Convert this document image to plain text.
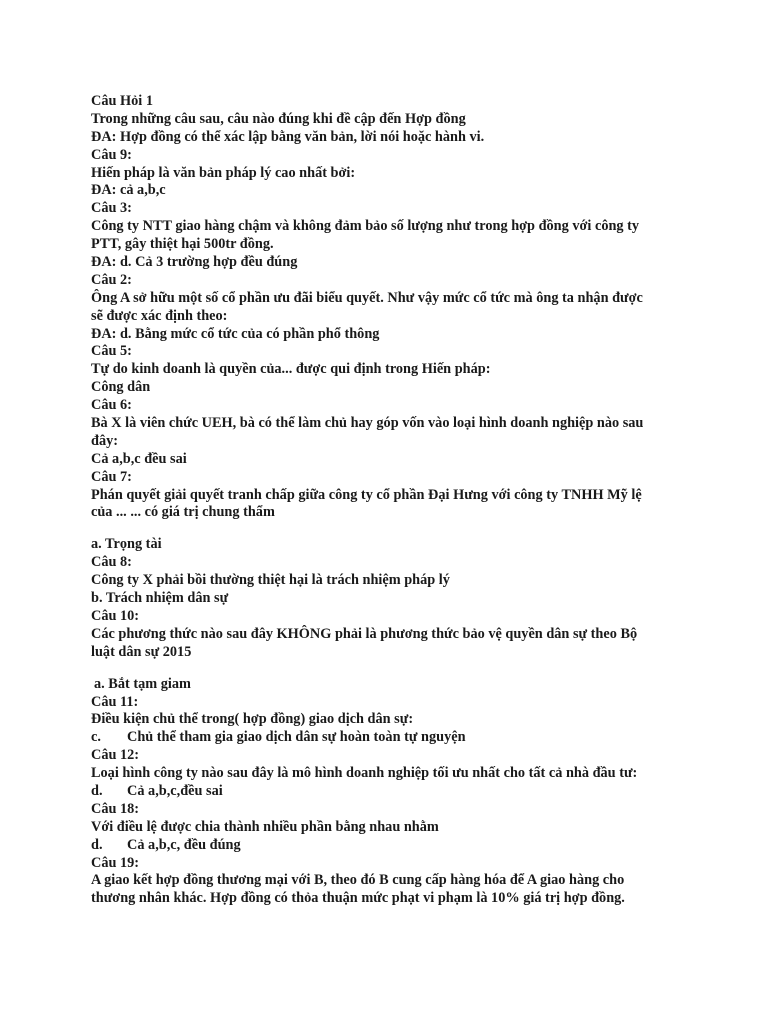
Câu Hỏi 1
Trong những câu sau, câu nào đúng khi đề cập đến Hợp đồng
ĐA: Hợp đồng có thể xác lập bằng văn bản, lời nói hoặc hành vi.
Câu 9:
Hiến pháp là văn bản pháp lý cao nhất bởi:
ĐA: cả a,b,c
Câu 3:
Công ty NTT giao hàng chậm và không đảm bảo số lượng như trong hợp đồng với công ty
PTT, gây thiệt hại 500tr đồng.
ĐA: d. Cả 3 trường hợp đều đúng
Câu 2:
Ông A sở hữu một số cổ phần ưu đãi biểu quyết. Như vậy mức cổ tức mà ông ta nhận được
sẽ được xác định theo:
ĐA: d. Bằng mức cổ tức của có phần phổ thông
Câu 5:
Tự do kinh doanh là quyền của... được qui định trong Hiến pháp:
Công dân
Câu 6:
Bà X là viên chức UEH, bà có thể làm chủ hay góp vốn vào loại hình doanh nghiệp nào sau
đây:
Cả a,b,c đều sai
Câu 7:
Phán quyết giải quyết tranh chấp giữa công ty cổ phần Đại Hưng với công ty TNHH Mỹ lệ
của ... ... có giá trị chung thẩm
a. Trọng tài
Câu 8:
Công ty X phải bồi thường thiệt hại là trách nhiệm pháp lý
b. Trách nhiệm dân sự
Câu 10:
Các phương thức nào sau đây KHÔNG phải là phương thức bảo vệ quyền dân sự theo Bộ
luật dân sự 2015
a. Bắt tạm giam
Câu 11:
Điều kiện chủ thể trong( hợp đồng) giao dịch dân sự:
c. Chủ thể tham gia giao dịch dân sự hoàn toàn tự nguyện
Câu 12:
Loại hình công ty nào sau đây là mô hình doanh nghiệp tối ưu nhất cho tất cả nhà đầu tư:
d. Cả a,b,c,đều sai
Câu 18:
Với điều lệ được chia thành nhiều phần bằng nhau nhằm
d. Cả a,b,c, đều đúng
Câu 19:
A giao kết hợp đồng thương mại với B, theo đó B cung cấp hàng hóa để A giao hàng cho
thương nhân khác. Hợp đồng có thỏa thuận mức phạt vi phạm là 10% giá trị hợp đồng.
